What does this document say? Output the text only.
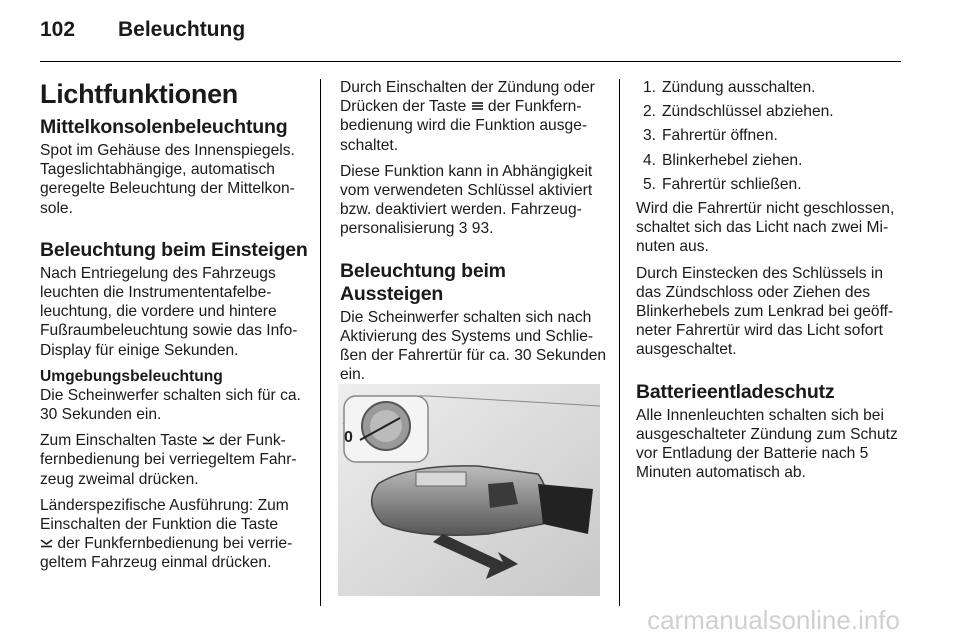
102 Beleuchtung
Lichtfunktionen
Mittelkonsolenbeleuchtung

Spot im Gehäuse des Innenspiegels. Tageslichtabhängige, automatisch geregelte Beleuchtung der Mittelkonsole.

Beleuchtung beim Einsteigen

Nach Entriegelung des Fahrzeugs leuchten die Instrumententafelbeleuchtung, die vordere und hintere Fußraumbeleuchtung sowie das Info-Display für einige Sekunden.

Umgebungsbeleuchtung

Die Scheinwerfer schalten sich für ca. 30 Sekunden ein.

Zum Einschalten Taste  der Funkfernbedienung bei verriegeltem Fahrzeug zweimal drücken.

Länderspezifische Ausführung: Zum Einschalten der Funktion die Taste
der Funkfernbedienung bei verriegeltem Fahrzeug einmal drücken.

Durch Einschalten der Zündung oder Drücken der Taste  der Funkfernbedienung wird die Funktion ausgeschaltet.

Diese Funktion kann in Abhängigkeit vom verwendeten Schlüssel aktiviert bzw. deaktiviert werden. Fahrzeugpersonalisierung 3 93.

Beleuchtung beim Aussteigen

Die Scheinwerfer schalten sich nach Aktivierung des Systems und Schließen der Fahrertür für ca. 30 Sekunden ein.

0
1. Zündung ausschalten.
2. Zündschlüssel abziehen.
3. Fahrertür öffnen.
4. Blinkerhebel ziehen.
5. Fahrertür schließen.

Wird die Fahrertür nicht geschlossen, schaltet sich das Licht nach zwei Minuten aus.

Durch Einstecken des Schlüssels in das Zündschloss oder Ziehen des Blinkerhebels zum Lenkrad bei geöffneter Fahrertür wird das Licht sofort ausgeschaltet.

Batterieentladeschutz

Alle Innenleuchten schalten sich bei ausgeschalteter Zündung zum Schutz vor Entladung der Batterie nach 5 Minuten automatisch ab.

carmanualsonline.info
